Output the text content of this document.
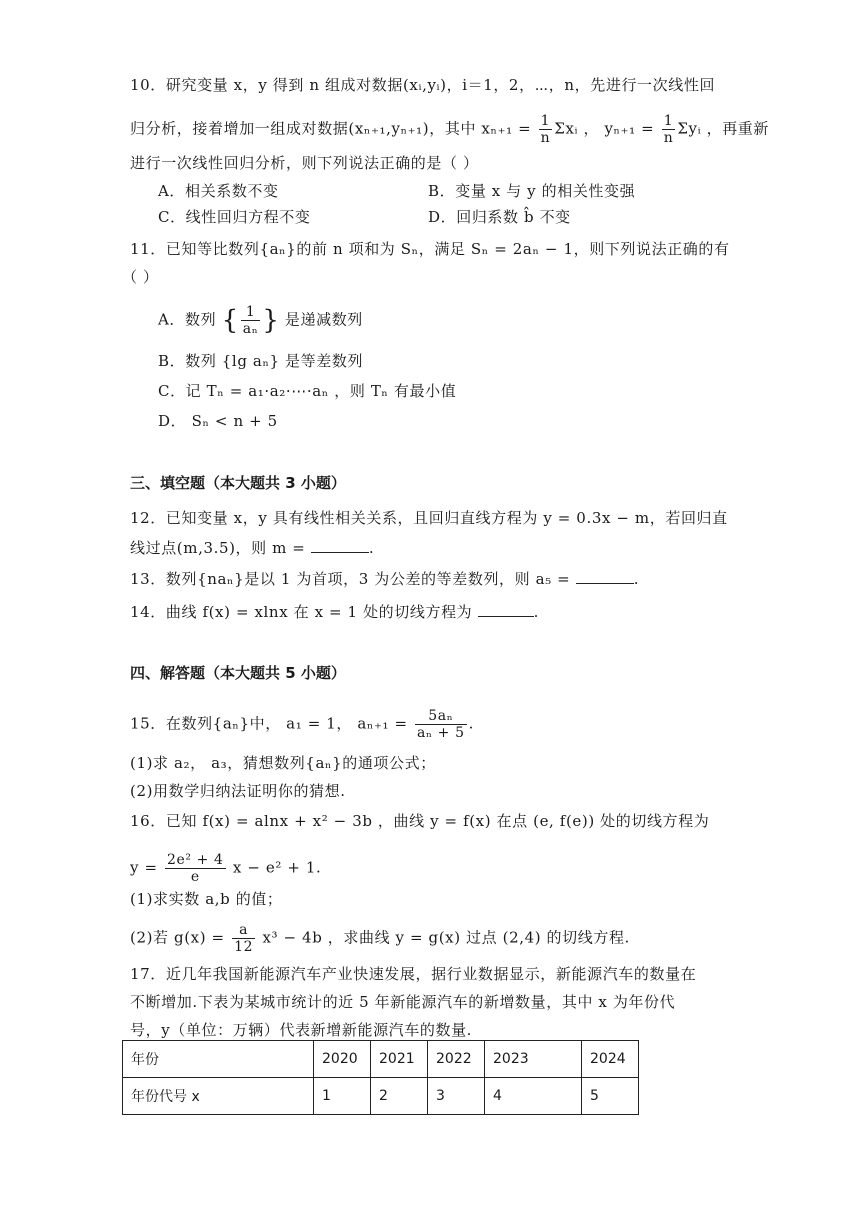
10．研究变量 x，y 得到 n 组成对数据(xᵢ,yᵢ)，i＝1，2，⋯，n，先进行一次线性回
归分析，接着增加一组成对数据(xₙ₊₁,yₙ₊₁)，其中 $x_{n+1} = \frac{1}{n}$ Σxᵢ ， $y_{n+1} = \frac{1}{n}$ Σyᵢ ，再重新
进行一次线性回归分析，则下列说法正确的是（ ）
A．相关系数不变	B．变量 x 与 y 的相关性变强
C．线性回归方程不变	D．回归系数 b̂ 不变
11．已知等比数列{aₙ}的前 n 项和为 Sₙ，满足 Sₙ = 2aₙ − 1，则下列说法正确的有
（ ）
A．数列 { $\frac{1}{\text{aₙ}}$ } 是递减数列
B．数列 {lg aₙ} 是等差数列
C．记 Tₙ = a₁·a₂·⋯·aₙ ，则 Tₙ 有最小值
D． Sₙ < n + 5
三、填空题（本大题共 3 小题）
12．已知变量 x，y 具有线性相关关系，且回归直线方程为 y = 0.3x − m，若回归直
线过点(m,3.5)，则 m =	.
13．数列{naₙ}是以 1 为首项，3 为公差的等差数列，则 a₅ =	.
14．曲线 f(x) = xlnx 在 x = 1 处的切线方程为	.
四、解答题（本大题共 5 小题）
15．在数列{aₙ}中， a₁ = 1， $a_{n+1} = \frac{\text{5aₙ}}{\text{aₙ + 5}}$ .
(1)求 a₂， a₃，猜想数列{aₙ}的通项公式；
(2)用数学归纳法证明你的猜想.
16．已知 f(x) = alnx + x² − 3b ，曲线 y = f(x) 在点 (e, f(e)) 处的切线方程为
$y = \frac{\text{2e² + 4}}{e}$ x − e² + 1.
(1)求实数 a,b 的值；
(2)若 $g(x) = \frac{a}{12} x^3 - 4b$ ，求曲线 y = g(x) 过点 (2,4) 的切线方程.
17．近几年我国新能源汽车产业快速发展，据行业数据显示，新能源汽车的数量在
不断增加.下表为某城市统计的近 5 年新能源汽车的新增数量，其中 x 为年份代
号，y（单位：万辆）代表新增新能源汽车的数量.
年份	2020	2021	2022	2023	2024
年份代号 x	1	2	3	4	5
